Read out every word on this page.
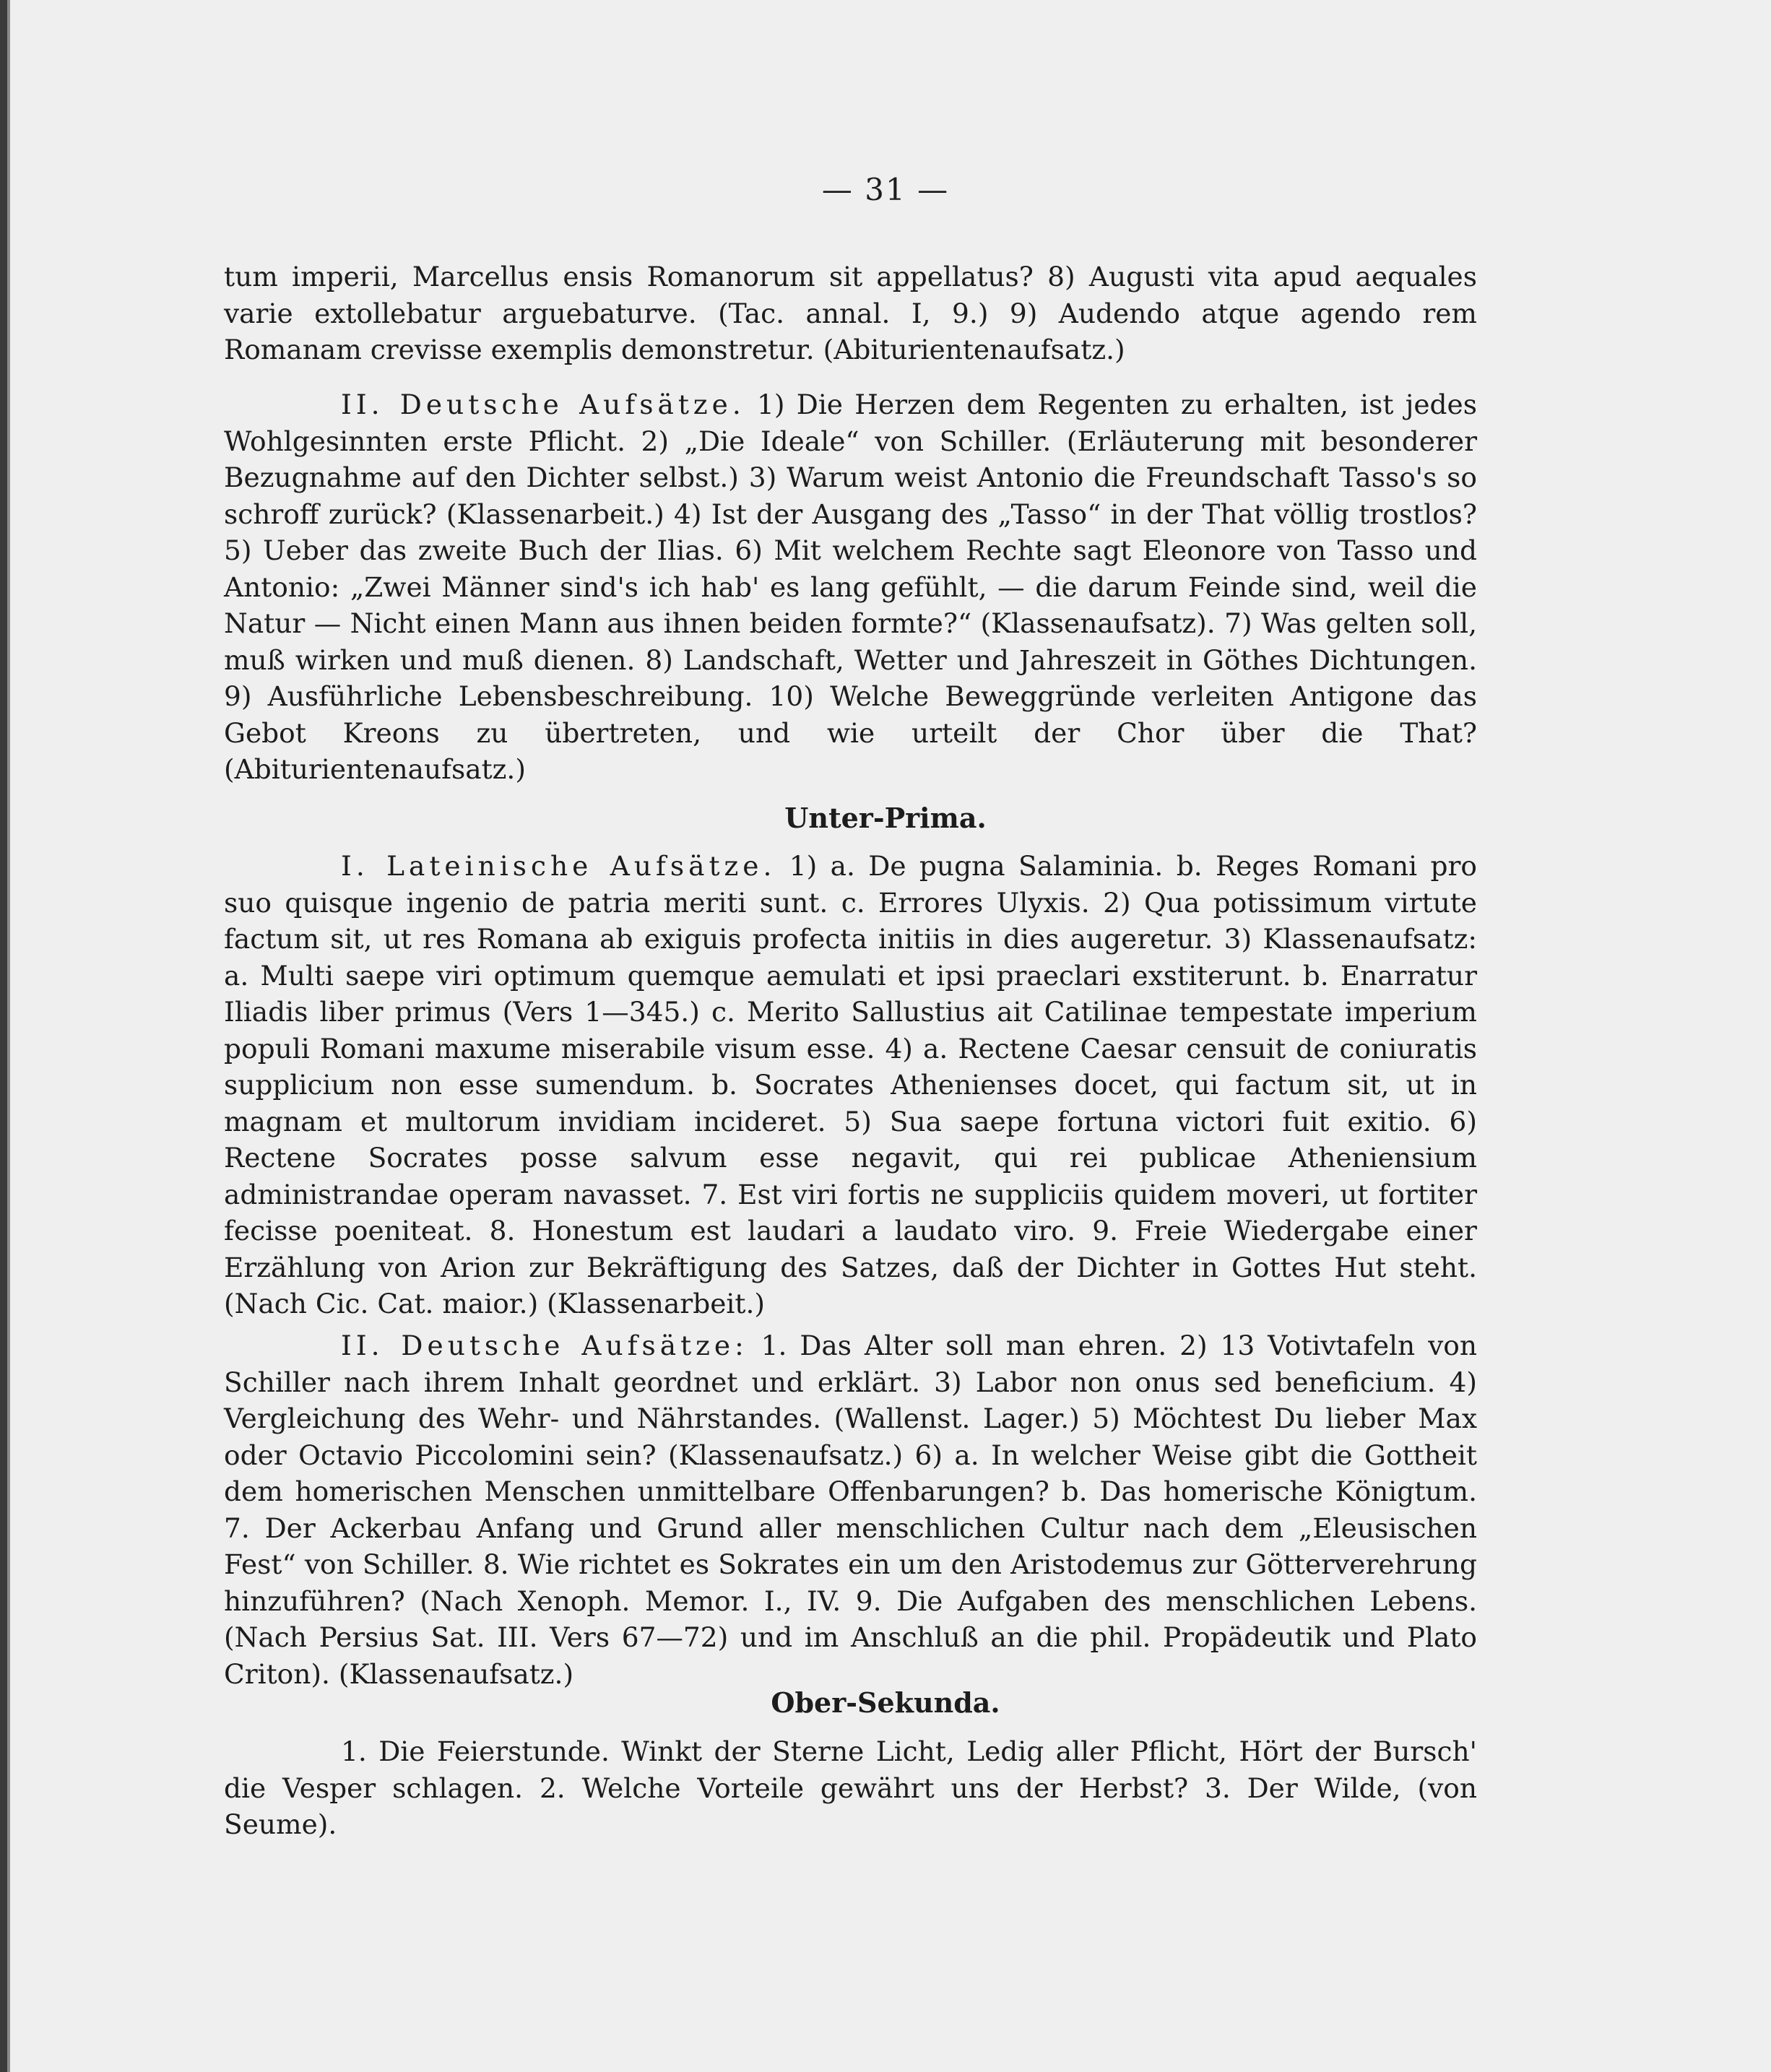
— 31 —
tum imperii, Marcellus ensis Romanorum sit appellatus? 8) Augusti vita apud aequales varie extollebatur arguebaturve. (Tac. annal. I, 9.) 9) Audendo atque agendo rem Romanam crevisse exemplis demonstretur. (Abiturientenaufsatz.)
II. Deutsche Aufsätze. 1) Die Herzen dem Regenten zu erhalten, ist jedes Wohlgesinnten erste Pflicht. 2) „Die Ideale“ von Schiller. (Erläuterung mit besonderer Bezugnahme auf den Dichter selbst.) 3) Warum weist Antonio die Freundschaft Tasso's so schroff zurück? (Klassenarbeit.) 4) Ist der Ausgang des „Tasso“ in der That völlig trostlos? 5) Ueber das zweite Buch der Ilias. 6) Mit welchem Rechte sagt Eleonore von Tasso und Antonio: „Zwei Männer sind's ich hab' es lang gefühlt, — die darum Feinde sind, weil die Natur — Nicht einen Mann aus ihnen beiden formte?“ (Klassenaufsatz). 7) Was gelten soll, muß wirken und muß dienen. 8) Landschaft, Wetter und Jahreszeit in Göthes Dichtungen. 9) Ausführliche Lebensbeschreibung. 10) Welche Beweggründe verleiten Antigone das Gebot Kreons zu übertreten, und wie urteilt der Chor über die That? (Abiturientenaufsatz.)
Unter-Prima.
I. Lateinische Aufsätze. 1) a. De pugna Salaminia. b. Reges Romani pro suo quisque ingenio de patria meriti sunt. c. Errores Ulyxis. 2) Qua potissimum virtute factum sit, ut res Romana ab exiguis profecta initiis in dies augeretur. 3) Klassenaufsatz: a. Multi saepe viri optimum quemque aemulati et ipsi praeclari exstiterunt. b. Enarratur Iliadis liber primus (Vers 1—345.) c. Merito Sallustius ait Catilinae tempestate imperium populi Romani maxume miserabile visum esse. 4) a. Rectene Caesar censuit de coniuratis supplicium non esse sumendum. b. Socrates Athenienses docet, qui factum sit, ut in magnam et multorum invidiam incideret. 5) Sua saepe fortuna victori fuit exitio. 6) Rectene Socrates posse salvum esse negavit, qui rei publicae Atheniensium administrandae operam navasset. 7. Est viri fortis ne suppliciis quidem moveri, ut fortiter fecisse poeniteat. 8. Honestum est laudari a laudato viro. 9. Freie Wiedergabe einer Erzählung von Arion zur Bekräftigung des Satzes, daß der Dichter in Gottes Hut steht. (Nach Cic. Cat. maior.) (Klassenarbeit.)
II. Deutsche Aufsätze: 1. Das Alter soll man ehren. 2) 13 Votivtafeln von Schiller nach ihrem Inhalt geordnet und erklärt. 3) Labor non onus sed beneficium. 4) Vergleichung des Wehr- und Nährstandes. (Wallenst. Lager.) 5) Möchtest Du lieber Max oder Octavio Piccolomini sein? (Klassenaufsatz.) 6) a. In welcher Weise gibt die Gottheit dem homerischen Menschen unmittelbare Offenbarungen? b. Das homerische Königtum. 7. Der Ackerbau Anfang und Grund aller menschlichen Cultur nach dem „Eleusischen Fest“ von Schiller. 8. Wie richtet es Sokrates ein um den Aristodemus zur Götterverehrung hinzuführen? (Nach Xenoph. Memor. I., IV. 9. Die Aufgaben des menschlichen Lebens. (Nach Persius Sat. III. Vers 67—72) und im Anschluß an die phil. Propädeutik und Plato Criton). (Klassenaufsatz.)
Ober-Sekunda.
1. Die Feierstunde. Winkt der Sterne Licht, Ledig aller Pflicht, Hört der Bursch' die Vesper schlagen. 2. Welche Vorteile gewährt uns der Herbst? 3. Der Wilde, (von Seume).
